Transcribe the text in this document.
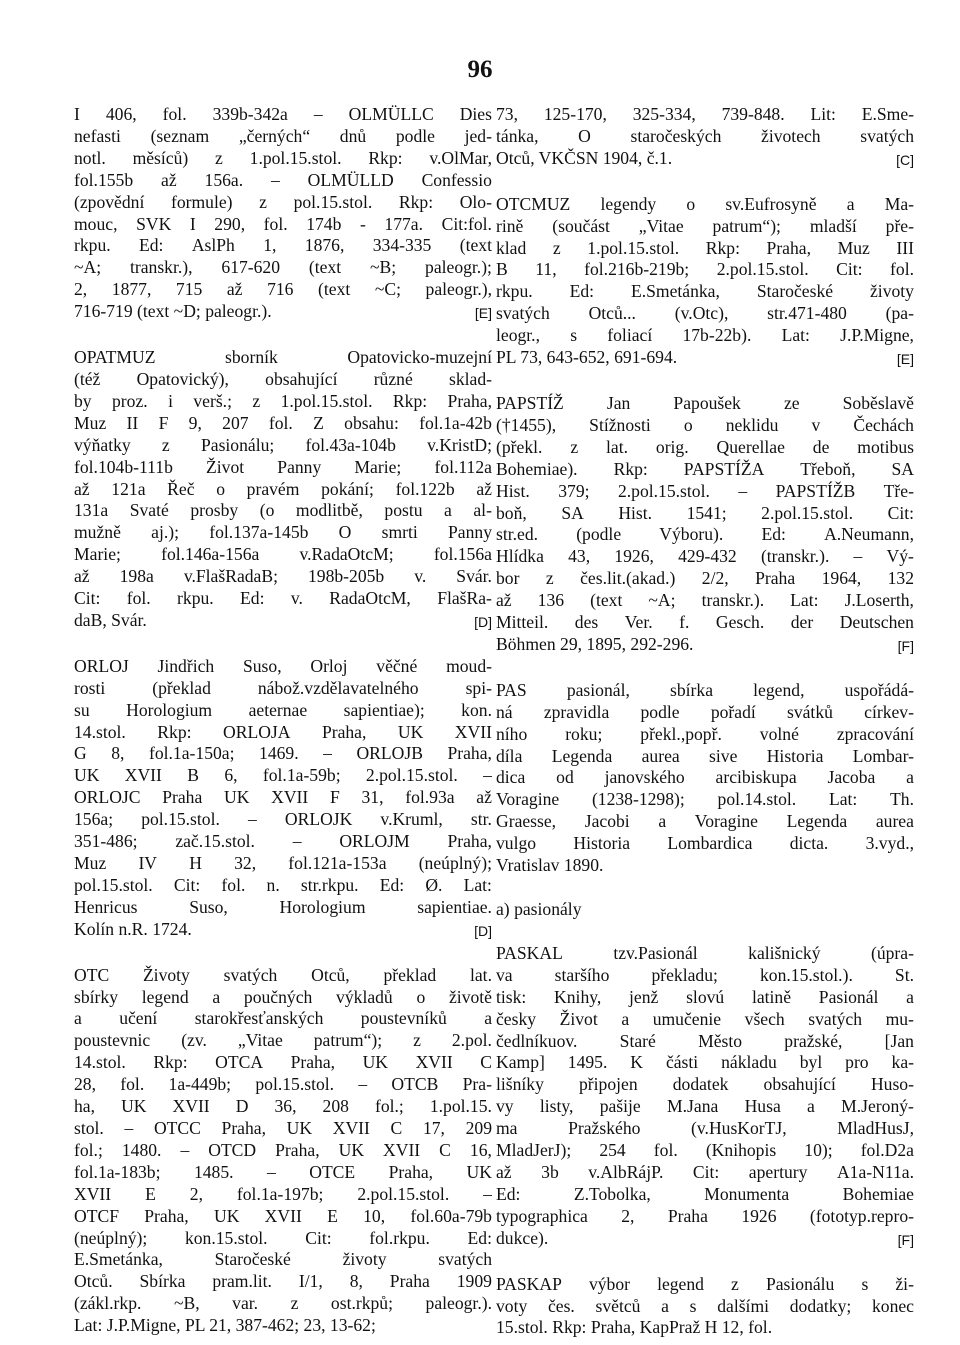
96
I 406, fol. 339b-342a – OLMÜLLC Dies
nefasti (seznam „černých“ dnů podle jed-
notl. měsíců) z 1.pol.15.stol. Rkp: v.OlMar,
fol.155b až 156a. – OLMÜLLD Confessio
(zpovědní formule) z pol.15.stol. Rkp: Olo-
mouc, SVK I 290, fol. 174b - 177a. Cit:fol.
rkpu. Ed: AslPh 1, 1876, 334-335 (text
~A; transkr.), 617-620 (text ~B; paleogr.);
2, 1877, 715 až 716 (text ~C; paleogr.),
716-719 (text ~D; paleogr.).	[E]
OPATMUZ	sborník	Opatovicko-muzejní
(též Opatovický), obsahující různé sklad-
by proz. i verš.; z 1.pol.15.stol. Rkp: Praha,
Muz II F 9, 207 fol. Z obsahu: fol.1a-42b
výňatky z Pasionálu; fol.43a-104b v.KristD;
fol.104b-111b Život Panny Marie; fol.112a
až 121a Řeč o pravém pokání; fol.122b až
131a Svaté prosby (o modlitbě, postu a al-
mužně aj.); fol.137a-145b O smrti Panny
Marie; fol.146a-156a v.RadaOtcM; fol.156a
až 198a v.FlašRadaB; 198b-205b v. Svár.
Cit: fol. rkpu. Ed: v. RadaOtcM, FlašRa-
daB, Svár.	[D]
ORLOJ Jindřich Suso, Orloj věčné moud-
rosti	(překlad	nábož.vzdělavatelného	spi-
su Horologium aeternae sapientiae); kon.
14.stol. Rkp: ORLOJA Praha, UK XVII
G 8, fol.1a-150a; 1469. – ORLOJB Praha,
UK XVII B 6, fol.1a-59b; 2.pol.15.stol. –
ORLOJC Praha UK XVII F 31, fol.93a až
156a; pol.15.stol. – ORLOJK v.Kruml, str.
351-486; zač.15.stol. – ORLOJM Praha,
Muz IV H 32, fol.121a-153a (neúplný);
pol.15.stol. Cit: fol. n. str.rkpu. Ed: Ø. Lat:
Henricus	Suso,	Horologium	sapientiae.
Kolín n.R. 1724.	[D]
OTC Životy svatých Otců, překlad lat.
sbírky legend a poučných výkladů o životě
a učení starokřesťanských poustevníků a
poustevnic (zv. „Vitae patrum“); z 2.pol.
14.stol. Rkp: OTCA Praha, UK XVII C
28, fol. 1a-449b; pol.15.stol. – OTCB Pra-
ha, UK XVII D 36, 208 fol.; 1.pol.15.
stol. – OTCC Praha, UK XVII C 17, 209
fol.; 1480. – OTCD Praha, UK XVII C 16,
fol.1a-183b; 1485. – OTCE Praha, UK
XVII E 2, fol.1a-197b; 2.pol.15.stol. –
OTCF Praha, UK XVII E 10, fol.60a-79b
(neúplný); kon.15.stol. Cit: fol.rkpu. Ed:
E.Smetánka,	Staročeské	životy	svatých
Otců. Sbírka pram.lit. I/1, 8, Praha 1909
(zákl.rkp. ~B, var. z ost.rkpů; paleogr.).
Lat: J.P.Migne, PL 21, 387-462; 23, 13-62;
73, 125-170, 325-334, 739-848. Lit: E.Sme-
tánka, O staročeských životech svatých
Otců, VKČSN 1904, č.1.	[C]
OTCMUZ legendy o sv.Eufrosyně a Ma-
rině (součást „Vitae patrum“); mladší pře-
klad z 1.pol.15.stol. Rkp: Praha, Muz III
B 11, fol.216b-219b; 2.pol.15.stol. Cit: fol.
rkpu. Ed: E.Smetánka, Staročeské životy
svatých Otců... (v.Otc), str.471-480 (pa-
leogr., s foliací 17b-22b). Lat: J.P.Migne,
PL 73, 643-652, 691-694.	[E]
PAPSTÍŽ Jan Papoušek ze Soběslavě
(†1455), Stížnosti o neklidu v Čechách
(překl. z lat. orig. Querellae de motibus
Bohemiae). Rkp: PAPSTÍŽA Třeboň, SA
Hist. 379; 2.pol.15.stol. – PAPSTÍŽB Tře-
boň, SA Hist. 1541; 2.pol.15.stol. Cit:
str.ed. (podle Výboru). Ed: A.Neumann,
Hlídka 43, 1926, 429-432 (transkr.). – Vý-
bor z čes.lit.(akad.) 2/2, Praha 1964, 132
až 136 (text ~A; transkr.). Lat: J.Loserth,
Mitteil. des Ver. f. Gesch. der Deutschen
Böhmen 29, 1895, 292-296.	[F]
PAS pasionál, sbírka legend, uspořádá-
ná zpravidla podle pořadí svátků církev-
ního roku; překl.,popř. volné zpracování
díla Legenda aurea sive Historia Lombar-
dica od janovského arcibiskupa Jacoba a
Voragine (1238-1298); pol.14.stol. Lat: Th.
Graesse, Jacobi a Voragine Legenda aurea
vulgo Historia Lombardica dicta. 3.vyd.,
Vratislav 1890.
a) pasionály
PASKAL	tzv.Pasionál	kališnický	(úpra-
va staršího překladu; kon.15.stol.). St.
tisk: Knihy, jenž slovú latině Pasionál a
česky Život a umučenie všech svatých mu-
čedlníkuov. Staré Město pražské, [Jan
Kamp] 1495. K části nákladu byl pro ka-
lišníky připojen dodatek obsahující Huso-
vy listy, pašije M.Jana Husa a M.Jeroný-
ma	Pražského	(v.HusKorTJ,	MladHusJ,
MladJerJ); 254 fol. (Knihopis 10); fol.D2a
až 3b v.AlbRájP. Cit: apertury A1a-N11a.
Ed:	Z.Tobolka,	Monumenta	Bohemiae
typographica 2, Praha 1926 (fototyp.repro-
dukce).	[F]
PASKAP výbor legend z Pasionálu s ži-
voty čes. světců a s dalšími dodatky; konec
15.stol. Rkp: Praha, KapPraž H 12, fol.
